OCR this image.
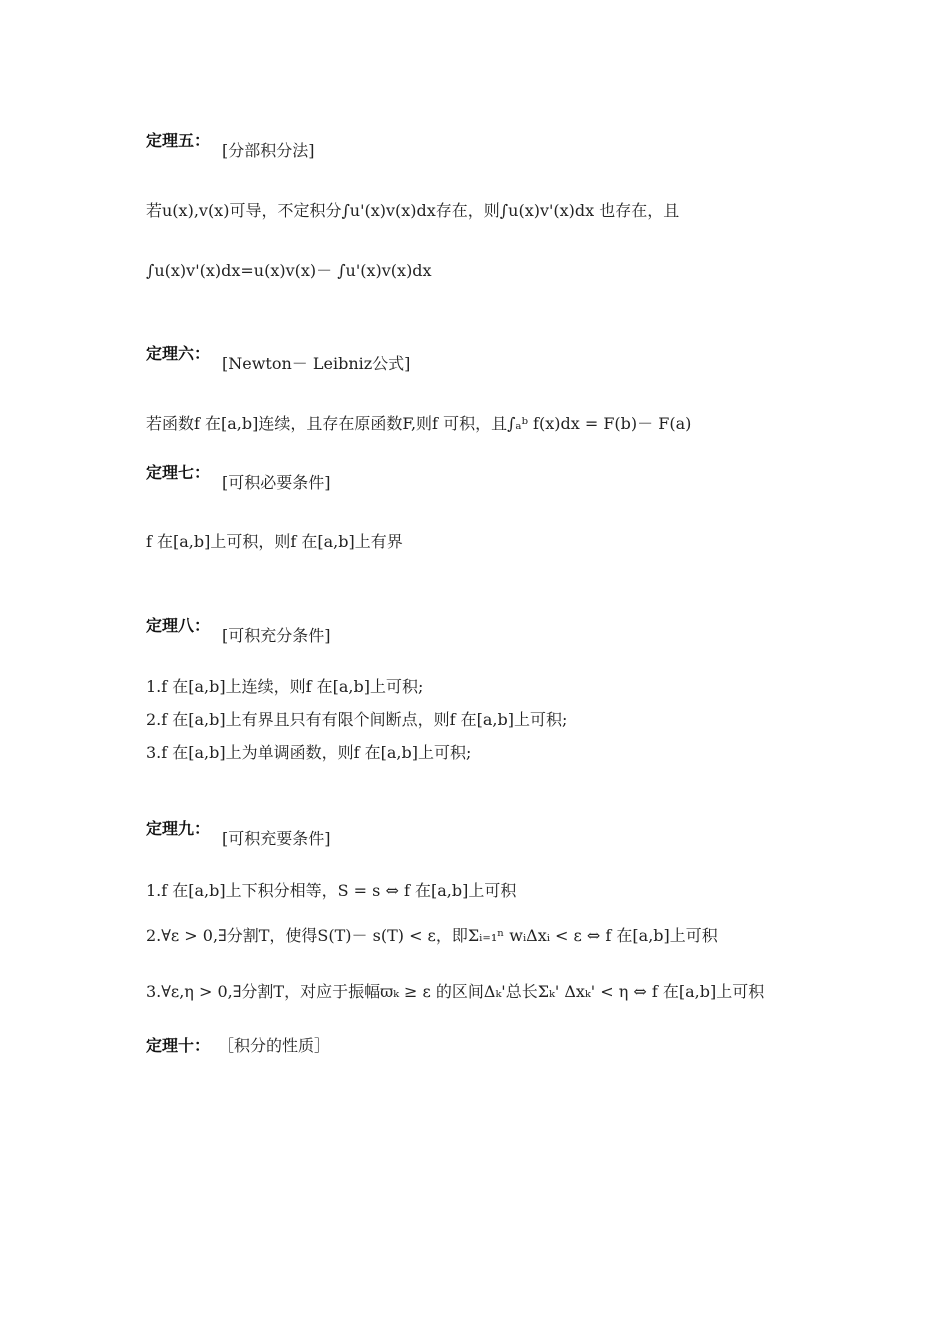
定理五：
[分部积分法]
若u(x),v(x)可导，不定积分∫u'(x)v(x)dx存在，则∫u(x)v'(x)dx 也存在，且
∫u(x)v'(x)dx=u(x)v(x)－ ∫u'(x)v(x)dx
定理六：
[Newton－ Leibniz公式]
若函数f 在[a,b]连续，且存在原函数F,则f 可积，且∫ₐᵇ f(x)dx = F(b)－ F(a)
定理七：
[可积必要条件]
f 在[a,b]上可积，则f 在[a,b]上有界
定理八：
[可积充分条件]
1.f 在[a,b]上连续，则f 在[a,b]上可积;
2.f 在[a,b]上有界且只有有限个间断点，则f 在[a,b]上可积;
3.f 在[a,b]上为单调函数，则f 在[a,b]上可积;
定理九：
[可积充要条件]
1.f 在[a,b]上下积分相等，S = s ⇔ f 在[a,b]上可积
2.∀ε > 0,∃分割T，使得S(T)－ s(T) < ε，即Σᵢ₌₁ⁿ wᵢΔxᵢ < ε ⇔ f 在[a,b]上可积
3.∀ε,η > 0,∃分割T，对应于振幅ϖₖ ≥ ε 的区间Δₖ'总长Σₖ' Δxₖ' < η ⇔ f 在[a,b]上可积
定理十： ［积分的性质］
